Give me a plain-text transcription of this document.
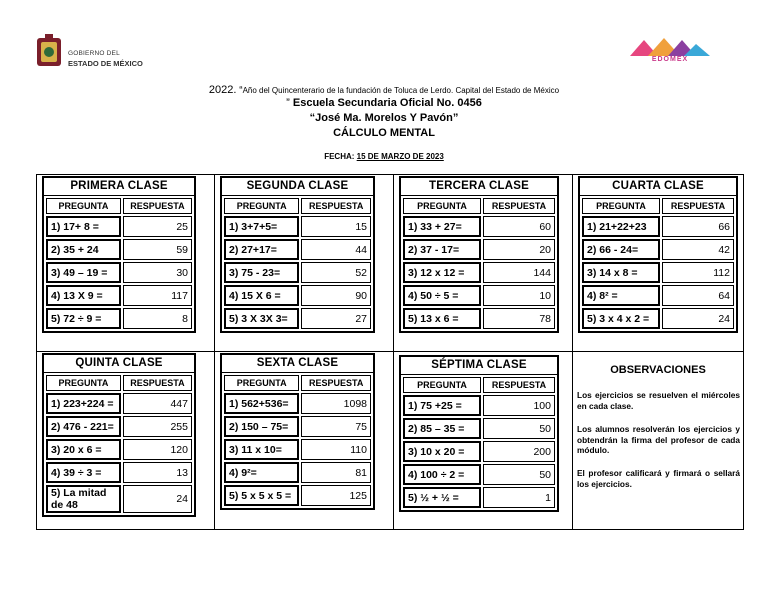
GOBIERNO DEL
ESTADO DE MÉXICO	EDOMEX
2022. “Año del Quincenterario de la fundación de Toluca de Lerdo. Capital del Estado de México
” Escuela Secundaria Oficial No. 0456
“José Ma. Morelos Y Pavón”
CÁLCULO MENTAL
FECHA: 15 DE MARZO DE 2023
PRIMERA CLASE
PREGUNTA	RESPUESTA
1) 17+ 8 =	25
2) 35 + 24	59
3) 49 – 19 =	30
4) 13 X 9 =	117
5) 72 ÷ 9 =	8
SEGUNDA CLASE
PREGUNTA	RESPUESTA
1) 3+7+5=	15
2) 27+17=	44
3) 75 - 23=	52
4) 15 X 6 =	90
5) 3 X 3X 3=	27
TERCERA CLASE
PREGUNTA	RESPUESTA
1) 33 + 27=	60
2) 37 - 17=	20
3) 12 x 12 =	144
4) 50 ÷ 5 =	10
5) 13 x 6 =	78
CUARTA CLASE
PREGUNTA	RESPUESTA
1) 21+22+23	66
2) 66 - 24=	42
3) 14 x 8 =	112
4) 8² =	64
5) 3 x 4 x 2 =	24
QUINTA CLASE
PREGUNTA	RESPUESTA
1) 223+224 =	447
2) 476 - 221=	255
3) 20 x 6 =	120
4) 39 ÷ 3 =	13
5) La mitad de 48	24
SEXTA CLASE
PREGUNTA	RESPUESTA
1) 562+536=	1098
2) 150 – 75=	75
3) 11 x 10=	110
4) 9²=	81
5) 5 x 5 x 5 =	125
SÉPTIMA CLASE
PREGUNTA	RESPUESTA
1) 75 +25 =	100
2) 85 – 35 =	50
3) 10 x 20 =	200
4) 100 ÷ 2 =	50
5) ½ + ½ =	1
OBSERVACIONES
Los ejercicios se resuelven el miércoles en cada clase.
Los alumnos resolverán los ejercicios y obtendrán la firma del profesor de cada módulo.
El profesor calificará y firmará o sellará los ejercicios.
